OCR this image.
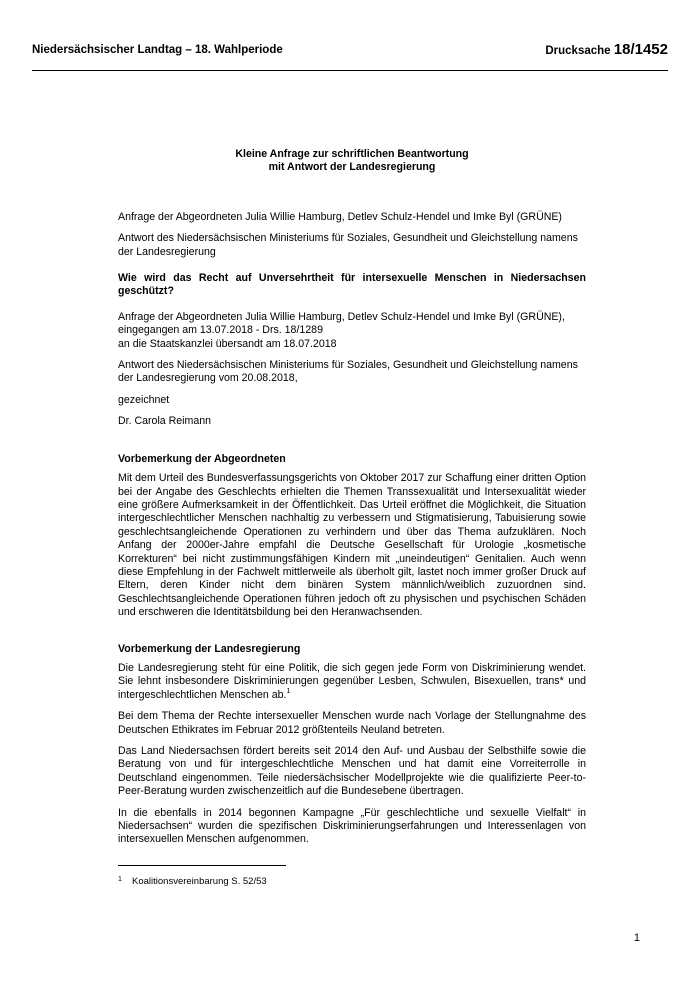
Niedersächsischer Landtag – 18. Wahlperiode	Drucksache 18/1452
Kleine Anfrage zur schriftlichen Beantwortung
mit Antwort der Landesregierung

Anfrage der Abgeordneten Julia Willie Hamburg, Detlev Schulz-Hendel und Imke Byl (GRÜNE)

Antwort des Niedersächsischen Ministeriums für Soziales, Gesundheit und Gleichstellung namens der Landesregierung

Wie wird das Recht auf Unversehrtheit für intersexuelle Menschen in Niedersachsen geschützt?

Anfrage der Abgeordneten Julia Willie Hamburg, Detlev Schulz-Hendel und Imke Byl (GRÜNE),
eingegangen am 13.07.2018 - Drs. 18/1289
an die Staatskanzlei übersandt am 18.07.2018

Antwort des Niedersächsischen Ministeriums für Soziales, Gesundheit und Gleichstellung namens der Landesregierung vom 20.08.2018,

gezeichnet

Dr. Carola Reimann

Vorbemerkung der Abgeordneten

Mit dem Urteil des Bundesverfassungsgerichts von Oktober 2017 zur Schaffung einer dritten Option bei der Angabe des Geschlechts erhielten die Themen Transsexualität und Intersexualität wieder eine größere Aufmerksamkeit in der Öffentlichkeit. Das Urteil eröffnet die Möglichkeit, die Situation intergeschlechtlicher Menschen nachhaltig zu verbessern und Stigmatisierung, Tabuisierung sowie geschlechtsangleichende Operationen zu verhindern und über das Thema aufzuklären. Noch Anfang der 2000er-Jahre empfahl die Deutsche Gesellschaft für Urologie „kosmetische Korrekturen“ bei nicht zustimmungsfähigen Kindern mit „uneindeutigen“ Genitalien. Auch wenn diese Empfehlung in der Fachwelt mittlerweile als überholt gilt, lastet noch immer großer Druck auf Eltern, deren Kinder nicht dem binären System männlich/weiblich zuzuordnen sind. Geschlechtsangleichende Operationen führen jedoch oft zu physischen und psychischen Schäden und erschweren die Identitätsbildung bei den Heranwachsenden.

Vorbemerkung der Landesregierung

Die Landesregierung steht für eine Politik, die sich gegen jede Form von Diskriminierung wendet. Sie lehnt insbesondere Diskriminierungen gegenüber Lesben, Schwulen, Bisexuellen, trans* und intergeschlechtlichen Menschen ab.$^1$

Bei dem Thema der Rechte intersexueller Menschen wurde nach Vorlage der Stellungnahme des Deutschen Ethikrates im Februar 2012 größtenteils Neuland betreten.

Das Land Niedersachsen fördert bereits seit 2014 den Auf- und Ausbau der Selbsthilfe sowie die Beratung von und für intergeschlechtliche Menschen und hat damit eine Vorreiterrolle in Deutschland eingenommen. Teile niedersächsischer Modellprojekte wie die qualifizierte Peer-to-Peer-Beratung wurden zwischenzeitlich auf die Bundesebene übertragen.

In die ebenfalls in 2014 begonnen Kampagne „Für geschlechtliche und sexuelle Vielfalt“ in Niedersachsen“ wurden die spezifischen Diskriminierungserfahrungen und Interessenlagen von intersexuellen Menschen aufgenommen.

1 Koalitionsvereinbarung S. 52/53
1
